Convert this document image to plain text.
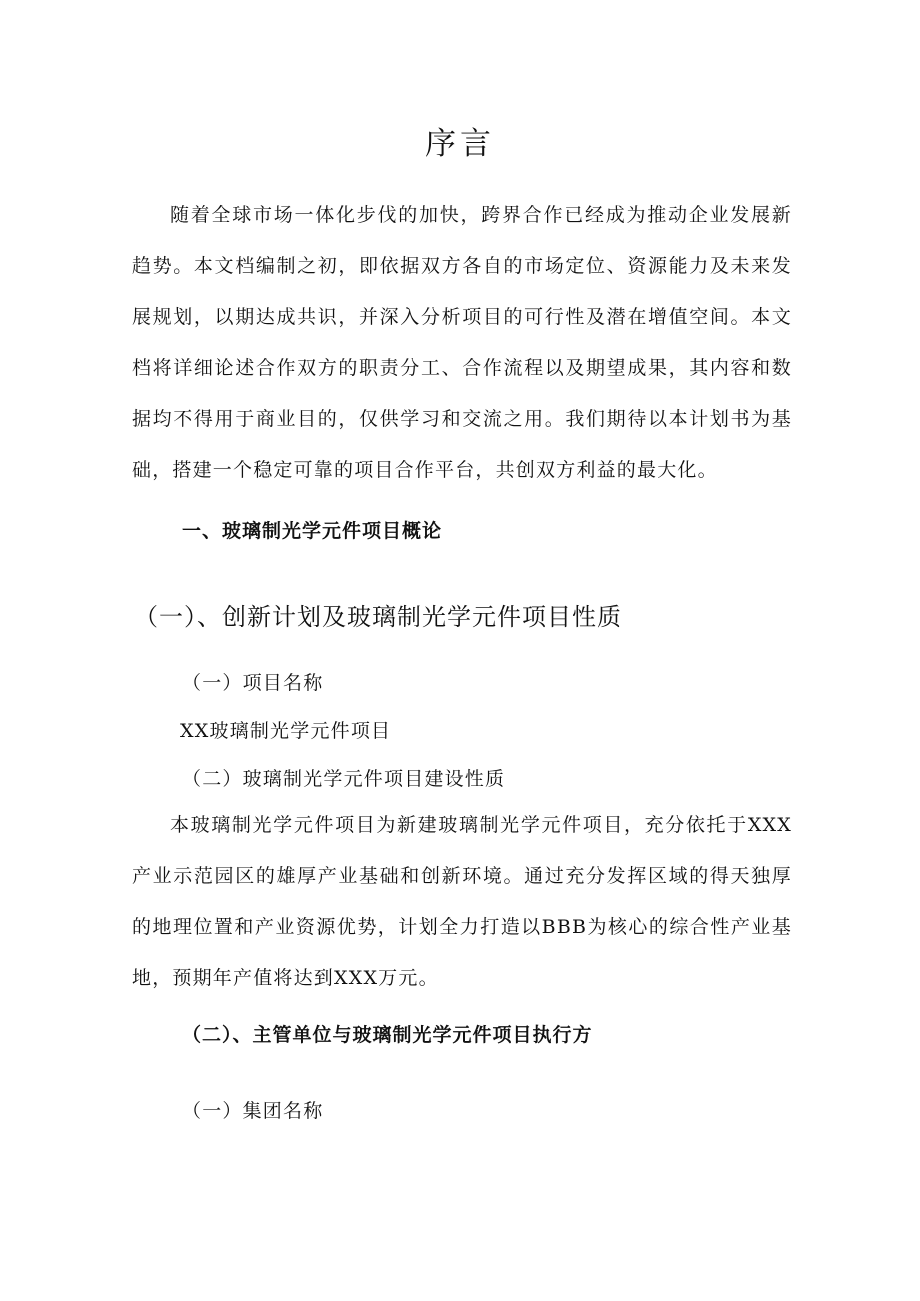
序言

随着全球市场一体化步伐的加快，跨界合作已经成为推动企业发展新趋势。本文档编制之初，即依据双方各自的市场定位、资源能力及未来发展规划，以期达成共识，并深入分析项目的可行性及潜在增值空间。本文档将详细论述合作双方的职责分工、合作流程以及期望成果，其内容和数据均不得用于商业目的，仅供学习和交流之用。我们期待以本计划书为基础，搭建一个稳定可靠的项目合作平台，共创双方利益的最大化。

一、玻璃制光学元件项目概论
（一）、创新计划及玻璃制光学元件项目性质

（一）项目名称

XX玻璃制光学元件项目

（二）玻璃制光学元件项目建设性质

本玻璃制光学元件项目为新建玻璃制光学元件项目，充分依托于XXX产业示范园区的雄厚产业基础和创新环境。通过充分发挥区域的得天独厚的地理位置和产业资源优势，计划全力打造以BBB为核心的综合性产业基地，预期年产值将达到XXX万元。

（二）、主管单位与玻璃制光学元件项目执行方

（一）集团名称
